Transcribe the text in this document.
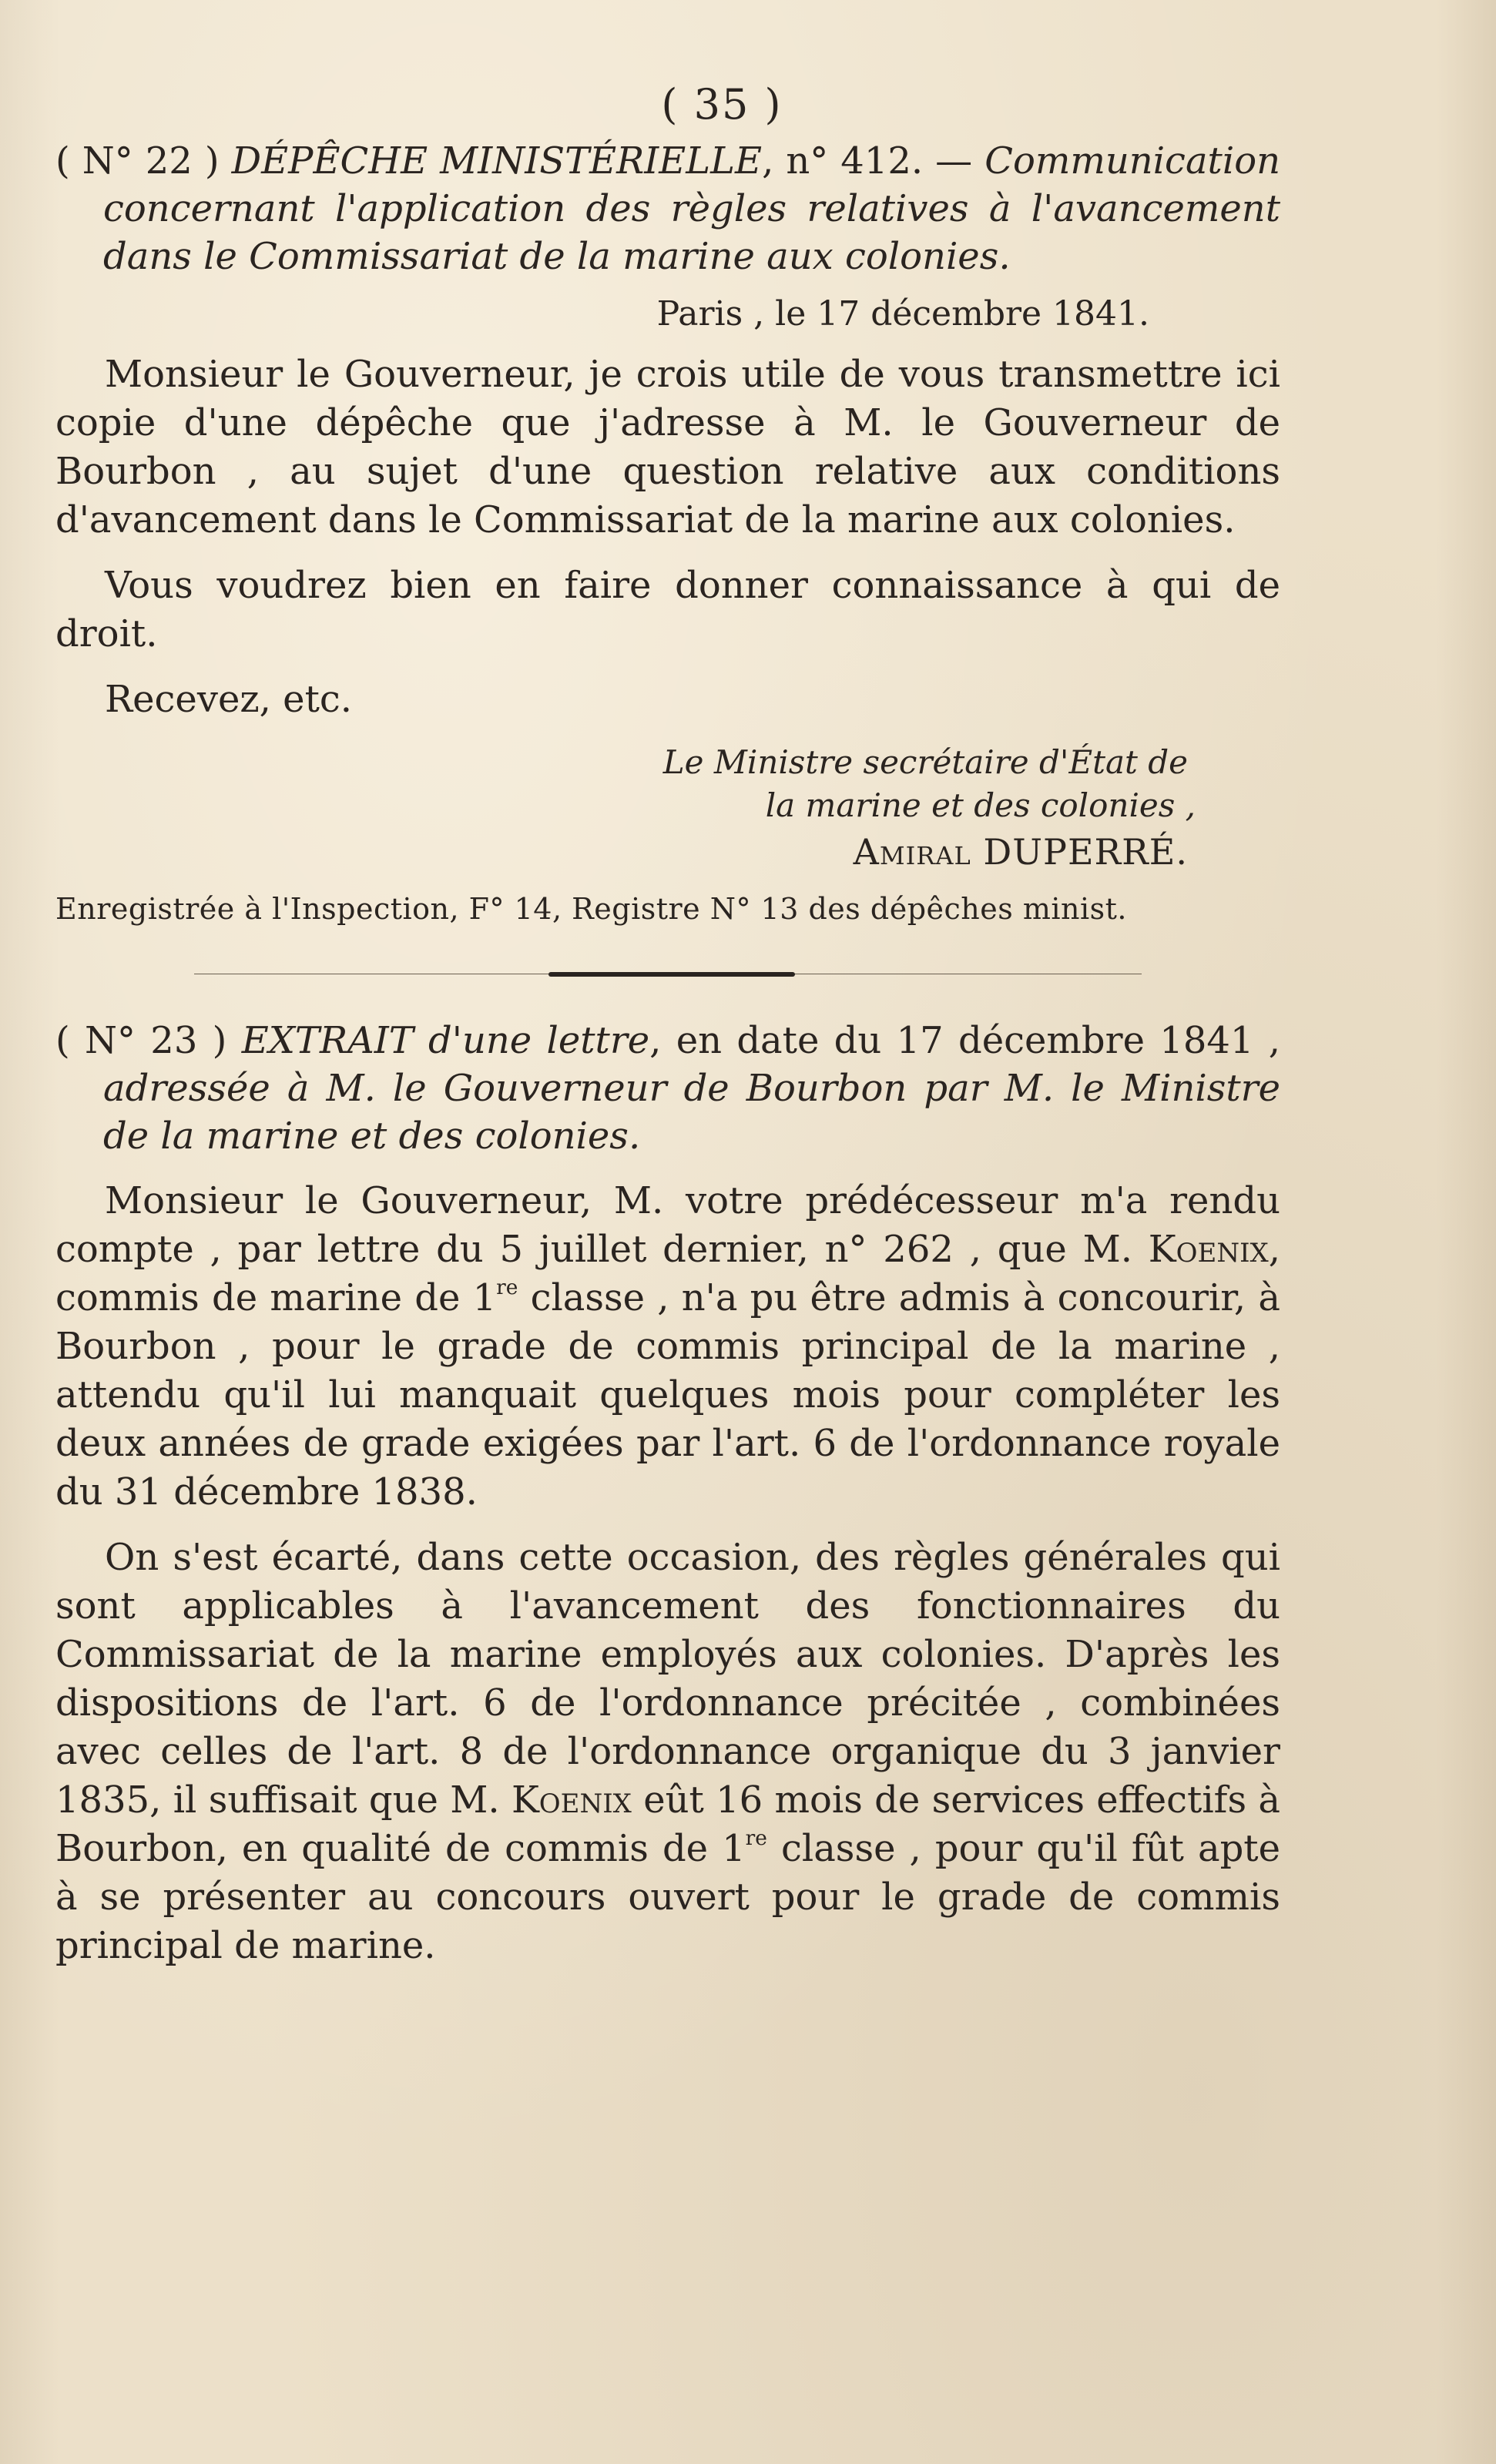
( 35 )
( N° 22 ) DÉPÊCHE MINISTÉRIELLE, n° 412. — Communication concernant l'application des règles relatives à l'avancement dans le Commissariat de la marine aux colonies.
Paris , le 17 décembre 1841.

Monsieur le Gouverneur, je crois utile de vous transmettre ici copie d'une dépêche que j'adresse à M. le Gouverneur de Bourbon , au sujet d'une question relative aux conditions d'avancement dans le Commissariat de la marine aux colonies.

Vous voudrez bien en faire donner connaissance à qui de droit.

Recevez, etc.

Le Ministre secrétaire d'État de
la marine et des colonies ,
Amiral DUPERRÉ.
Enregistrée à l'Inspection, F° 14, Registre N° 13 des dépêches minist.
( N° 23 ) EXTRAIT d'une lettre, en date du 17 décembre 1841 , adressée à M. le Gouverneur de Bourbon par M. le Ministre de la marine et des colonies.

Monsieur le Gouverneur, M. votre prédécesseur m'a rendu compte , par lettre du 5 juillet dernier, n° 262 , que M. Koenix, commis de marine de 1re classe , n'a pu être admis à concourir, à Bourbon , pour le grade de commis principal de la marine , attendu qu'il lui manquait quelques mois pour compléter les deux années de grade exigées par l'art. 6 de l'ordonnance royale du 31 décembre 1838.

On s'est écarté, dans cette occasion, des règles générales qui sont applicables à l'avancement des fonctionnaires du Commissariat de la marine employés aux colonies. D'après les dispositions de l'art. 6 de l'ordonnance précitée , combinées avec celles de l'art. 8 de l'ordonnance organique du 3 janvier 1835, il suffisait que M. Koenix eût 16 mois de services effectifs à Bourbon, en qualité de commis de 1re classe , pour qu'il fût apte à se présenter au concours ouvert pour le grade de commis principal de marine.
